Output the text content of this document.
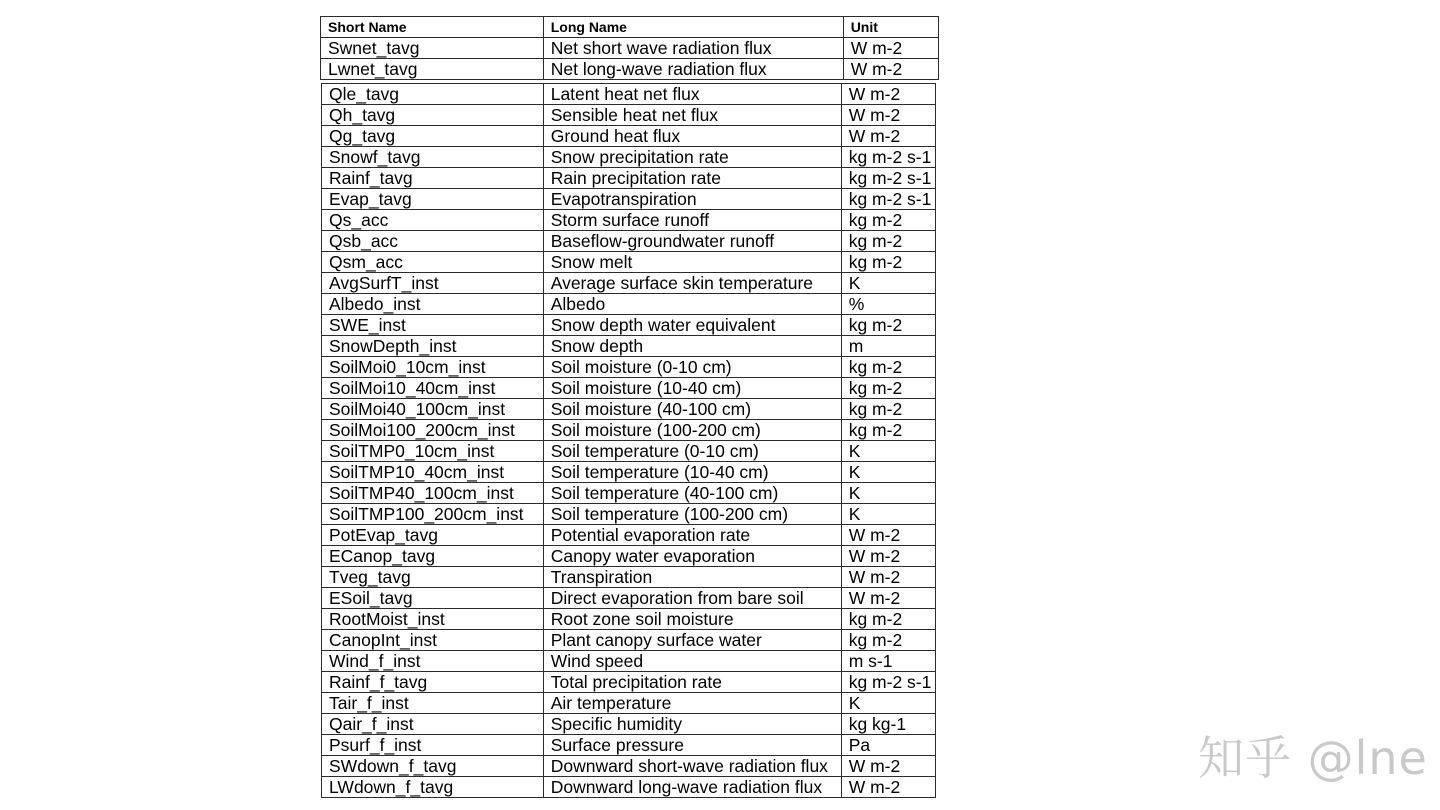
Short Name	Long Name	Unit
Swnet_tavg	Net short wave radiation flux	W m-2
Lwnet_tavg	Net long-wave radiation flux	W m-2
Qle_tavg	Latent heat net flux	W m-2
Qh_tavg	Sensible heat net flux	W m-2
Qg_tavg	Ground heat flux	W m-2
Snowf_tavg	Snow precipitation rate	kg m-2 s-1
Rainf_tavg	Rain precipitation rate	kg m-2 s-1
Evap_tavg	Evapotranspiration	kg m-2 s-1
Qs_acc	Storm surface runoff	kg m-2
Qsb_acc	Baseflow-groundwater runoff	kg m-2
Qsm_acc	Snow melt	kg m-2
AvgSurfT_inst	Average surface skin temperature	K
Albedo_inst	Albedo	%
SWE_inst	Snow depth water equivalent	kg m-2
SnowDepth_inst	Snow depth	m
SoilMoi0_10cm_inst	Soil moisture (0-10 cm)	kg m-2
SoilMoi10_40cm_inst	Soil moisture (10-40 cm)	kg m-2
SoilMoi40_100cm_inst	Soil moisture (40-100 cm)	kg m-2
SoilMoi100_200cm_inst	Soil moisture (100-200 cm)	kg m-2
SoilTMP0_10cm_inst	Soil temperature (0-10 cm)	K
SoilTMP10_40cm_inst	Soil temperature (10-40 cm)	K
SoilTMP40_100cm_inst	Soil temperature (40-100 cm)	K
SoilTMP100_200cm_inst	Soil temperature (100-200 cm)	K
PotEvap_tavg	Potential evaporation rate	W m-2
ECanop_tavg	Canopy water evaporation	W m-2
Tveg_tavg	Transpiration	W m-2
ESoil_tavg	Direct evaporation from bare soil	W m-2
RootMoist_inst	Root zone soil moisture	kg m-2
CanopInt_inst	Plant canopy surface water	kg m-2
Wind_f_inst	Wind speed	m s-1
Rainf_f_tavg	Total precipitation rate	kg m-2 s-1
Tair_f_inst	Air temperature	K
Qair_f_inst	Specific humidity	kg kg-1
Psurf_f_inst	Surface pressure	Pa
SWdown_f_tavg	Downward short-wave radiation flux	W m-2
LWdown_f_tavg	Downward long-wave radiation flux	W m-2
知乎 @lne
